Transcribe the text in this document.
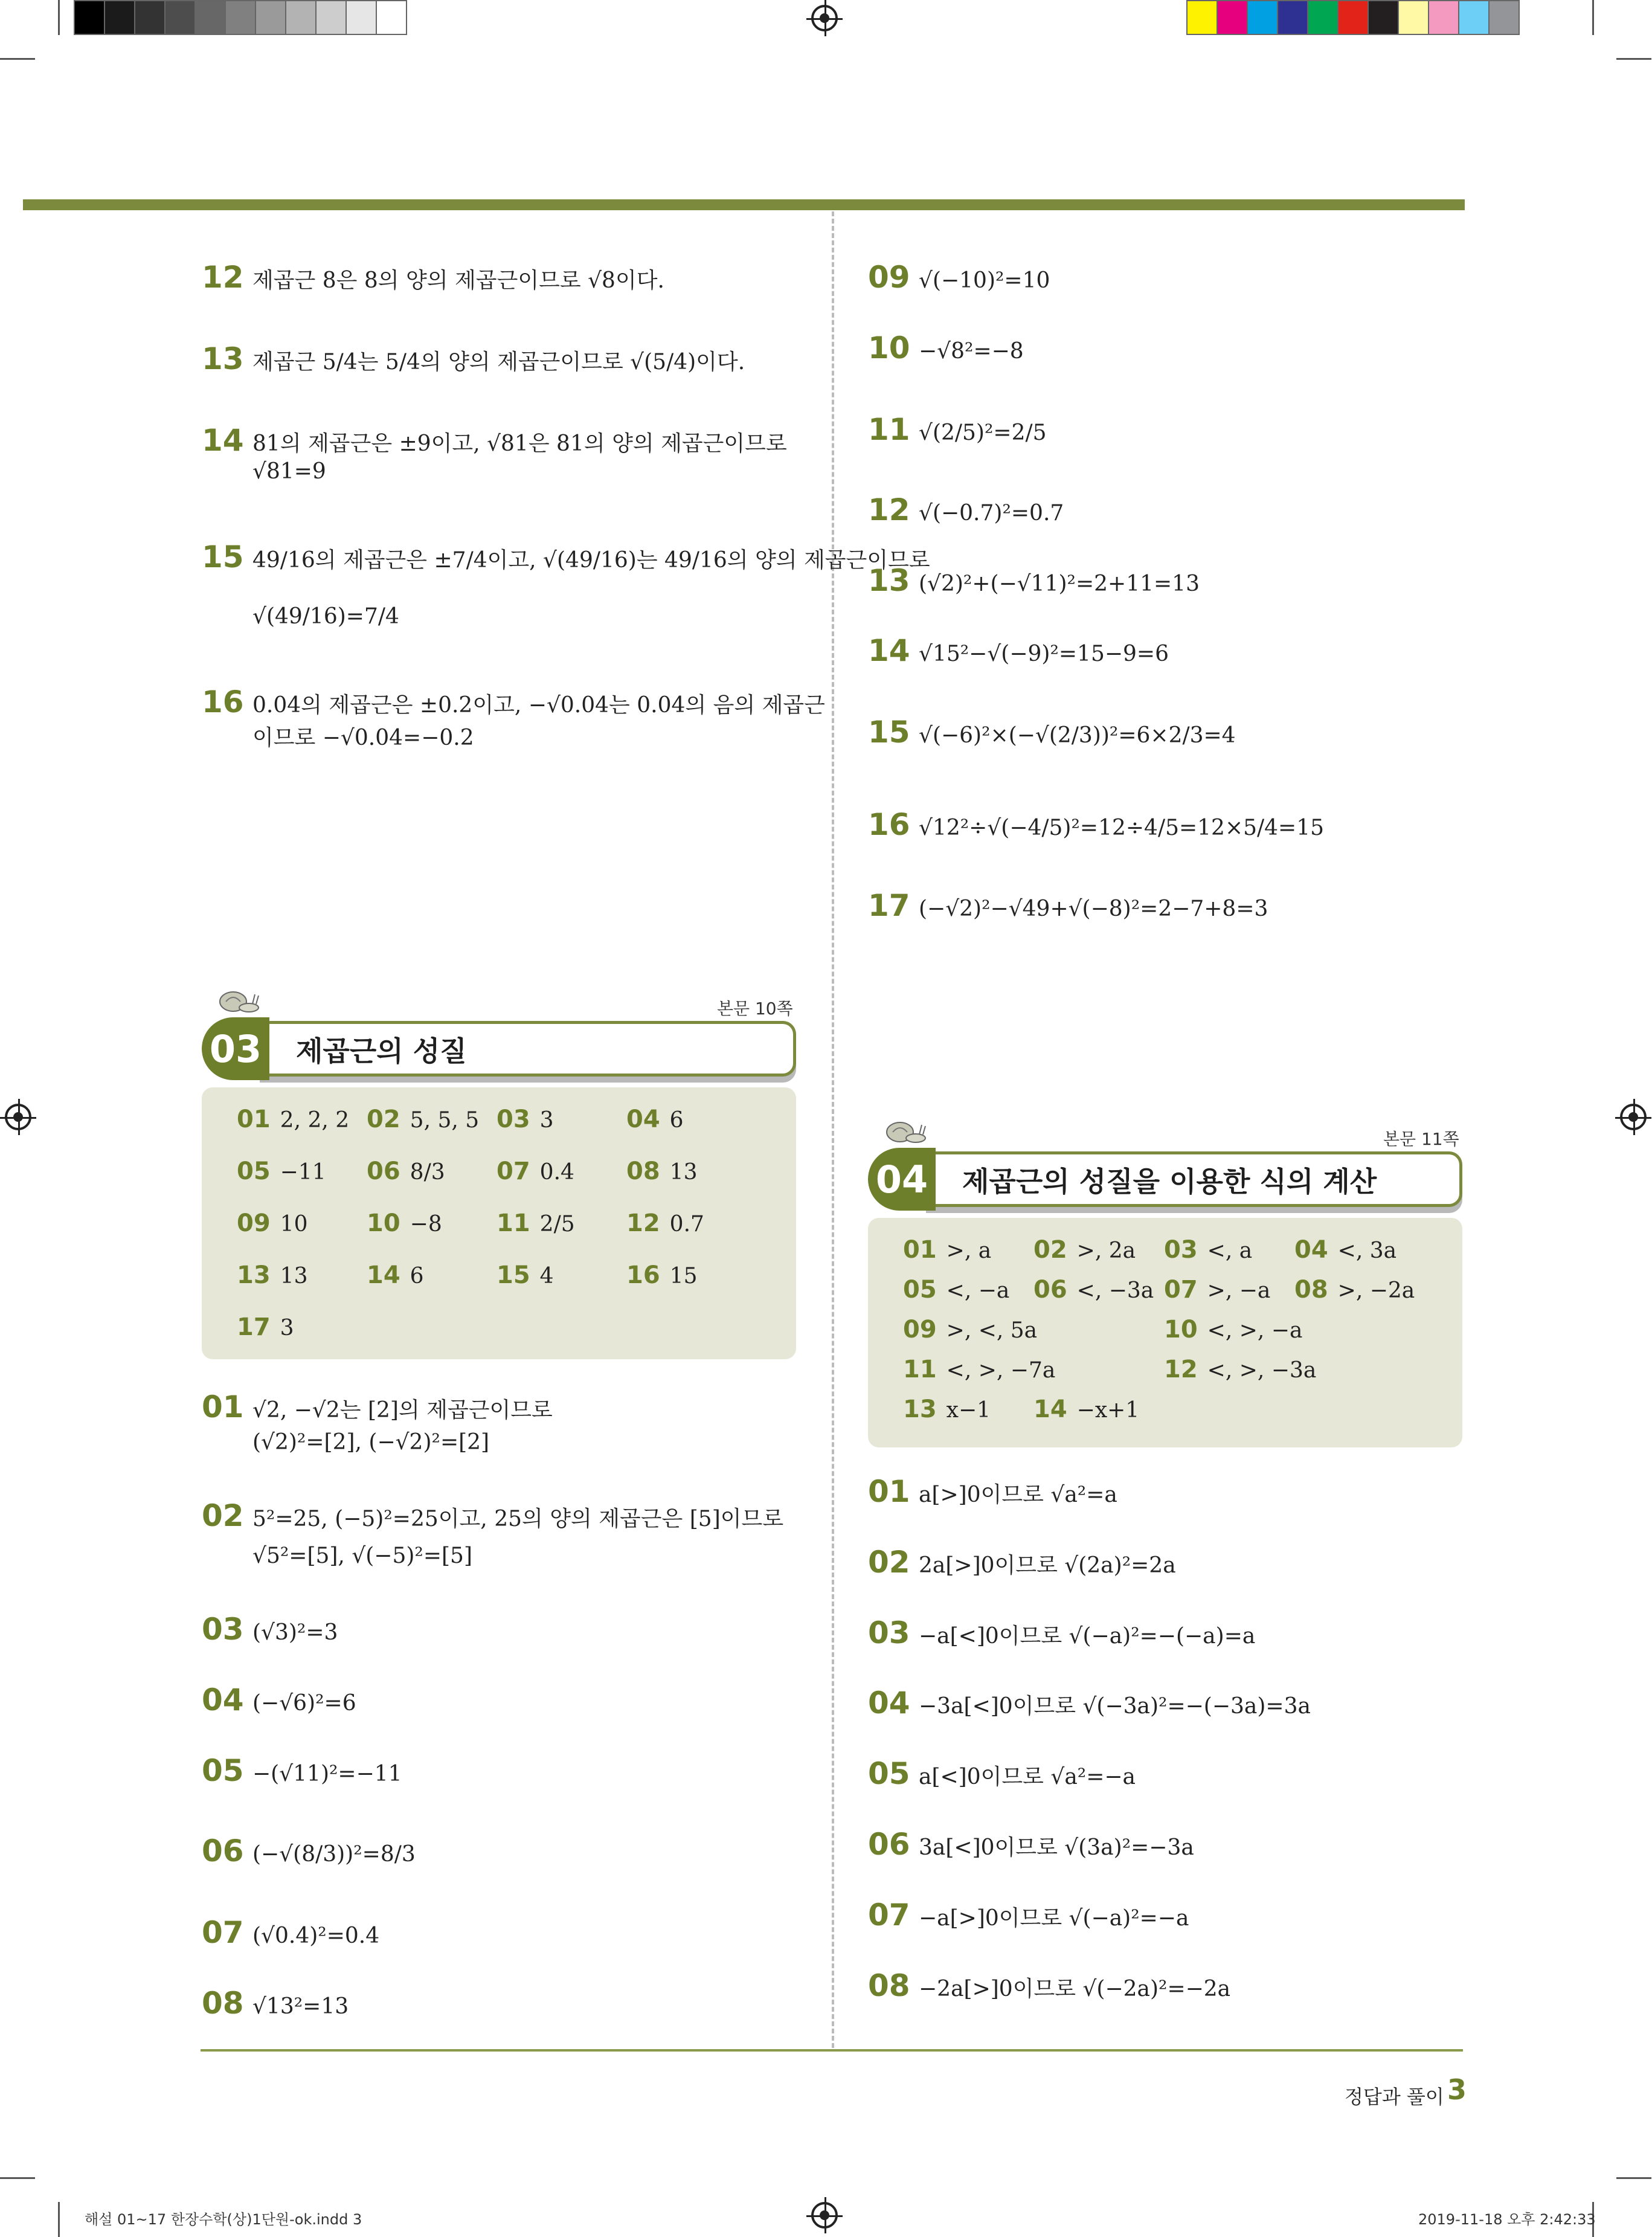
12 제곱근 8은 8의 양의 제곱근이므로 √8이다.
13 제곱근 5/4는 5/4의 양의 제곱근이므로 √(5/4)이다.
14 81의 제곱근은 ±9이고, √81은 81의 양의 제곱근이므로
√81=9
15 49/16의 제곱근은 ±7/4이고, √(49/16)는 49/16의 양의 제곱근이므로
√(49/16)=7/4
16 0.04의 제곱근은 ±0.2이고, −√0.04는 0.04의 음의 제곱근
이므로 −√0.04=−0.2
09 √(−10)²=10
10 −√8²=−8
11 √(2/5)²=2/5
12 √(−0.7)²=0.7
13 (√2)²+(−√11)²=2+11=13
14 √15²−√(−9)²=15−9=6
15 √(−6)²×(−√(2/3))²=6×2/3=4
16 √12²÷√(−4/5)²=12÷4/5=12×5/4=15
17 (−√2)²−√49+√(−8)²=2−7+8=3
본문 10쪽
03 제곱근의 성질
01 2, 2, 2 02 5, 5, 5 03 3	04 6
05 −11 06 8/3 07 0.4 08 13
09 10 10 −8 11 2/5 12 0.7
13 13 14 6	15 4	16 15
17 3
01 √2, −√2는 [2]의 제곱근이므로
(√2)²=[2], (−√2)²=[2]
02 5²=25, (−5)²=25이고, 25의 양의 제곱근은 [5]이므로
√5²=[5], √(−5)²=[5]
03 (√3)²=3
04 (−√6)²=6
05 −(√11)²=−11
06 (−√(8/3))²=8/3
07 (√0.4)²=0.4
08 √13²=13
본문 11쪽
04 제곱근의 성질을 이용한 식의 계산
01 >, a 02 >, 2a 03 <, a 04 <, 3a
05 <, −a 06 <, −3a 07 >, −a 08 >, −2a
09 >, <, 5a	10 <, >, −a
11 <, >, −7a	12 <, >, −3a
13 x−1 14 −x+1
01 a[>]0이므로 √a²=a
02 2a[>]0이므로 √(2a)²=2a
03 −a[<]0이므로 √(−a)²=−(−a)=a
04 −3a[<]0이므로 √(−3a)²=−(−3a)=3a
05 a[<]0이므로 √a²=−a
06 3a[<]0이므로 √(3a)²=−3a
07 −a[>]0이므로 √(−a)²=−a
08 −2a[>]0이므로 √(−2a)²=−2a
정답과 풀이 3
해설 01~17 한장수학(상)1단원-ok.indd 3	2019-11-18 오후 2:42:33
